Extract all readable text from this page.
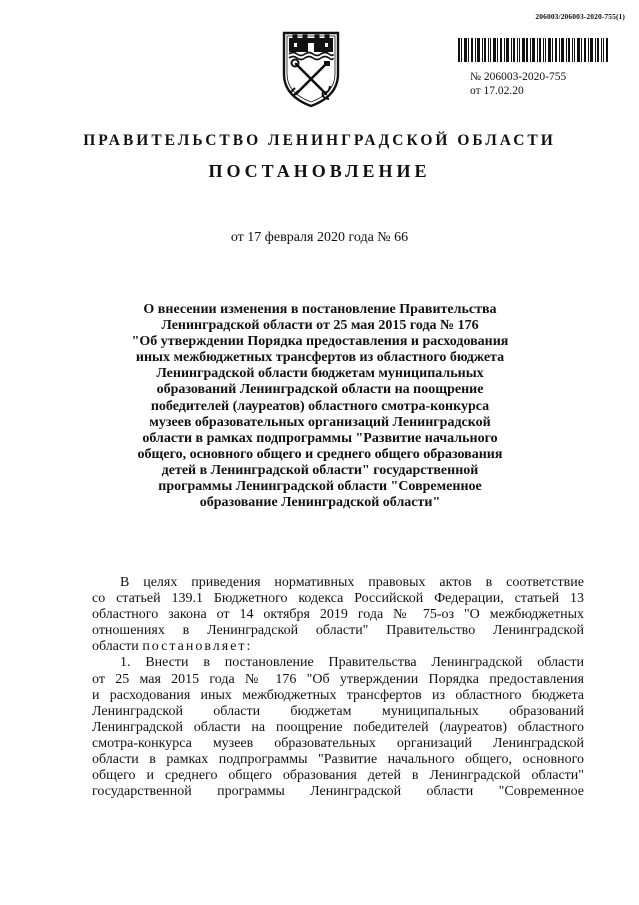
206003/206003-2020-755(1)
№ 206003-2020-755
от 17.02.20
ПРАВИТЕЛЬСТВО ЛЕНИНГРАДСКОЙ ОБЛАСТИ
ПОСТАНОВЛЕНИЕ
от 17 февраля 2020 года № 66
О внесении изменения в постановление Правительства
Ленинградской области от 25 мая 2015 года № 176
"Об утверждении Порядка предоставления и расходования
иных межбюджетных трансфертов из областного бюджета
Ленинградской области бюджетам муниципальных
образований Ленинградской области на поощрение
победителей (лауреатов) областного смотра-конкурса
музеев образовательных организаций Ленинградской
области в рамках подпрограммы "Развитие начального
общего, основного общего и среднего общего образования
детей в Ленинградской области" государственной
программы Ленинградской области "Современное
образование Ленинградской области"
В целях приведения нормативных правовых актов в соответствие
со статьей 139.1 Бюджетного кодекса Российской Федерации, статьей 13
областного закона от 14 октября 2019 года № 75-оз "О межбюджетных
отношениях в Ленинградской области" Правительство Ленинградской
области постановляет:
1. Внести в постановление Правительства Ленинградской области
от 25 мая 2015 года № 176 "Об утверждении Порядка предоставления
и расходования иных межбюджетных трансфертов из областного бюджета
Ленинградской области бюджетам муниципальных образований
Ленинградской области на поощрение победителей (лауреатов) областного
смотра-конкурса музеев образовательных организаций Ленинградской
области в рамках подпрограммы "Развитие начального общего, основного
общего и среднего общего образования детей в Ленинградской области"
государственной программы Ленинградской области "Современное
